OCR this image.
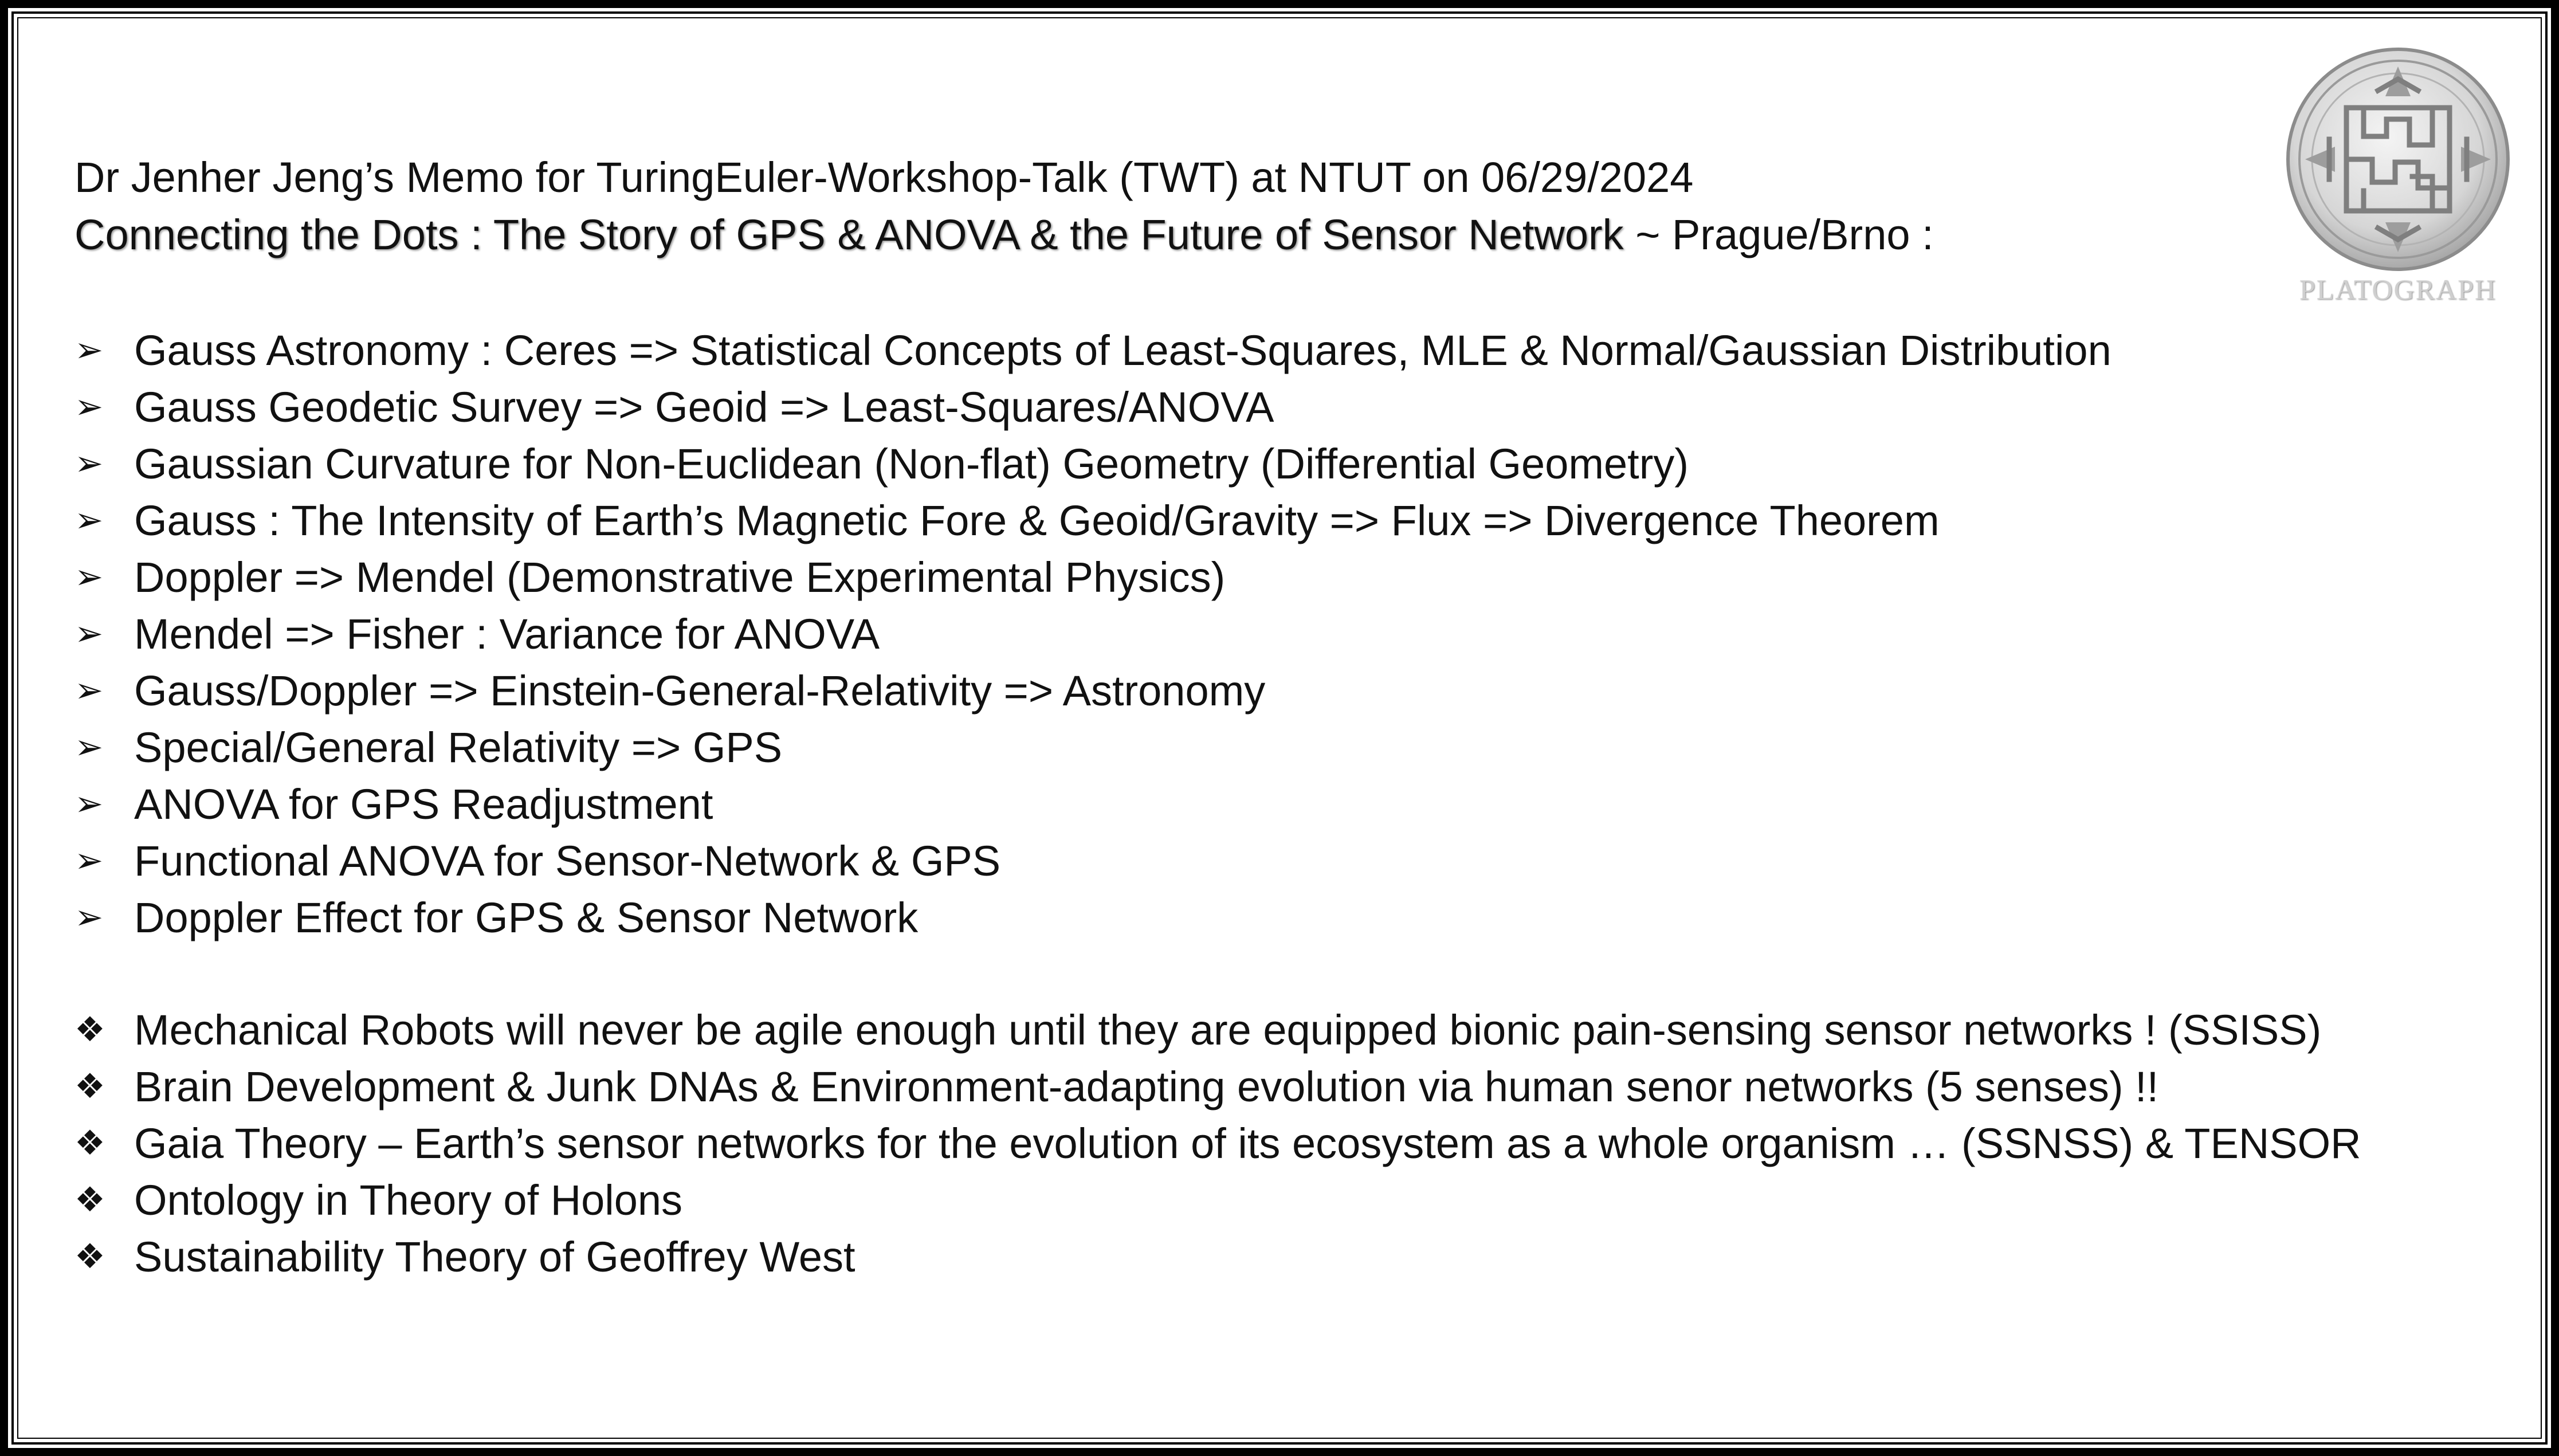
Dr Jenher Jeng’s Memo for TuringEuler-Workshop-Talk (TWT) at NTUT on 06/29/2024
Connecting the Dots : The Story of GPS & ANOVA & the Future of Sensor Network ~ Prague/Brno :
➢ Gauss Astronomy : Ceres => Statistical Concepts of Least-Squares, MLE & Normal/Gaussian Distribution
➢ Gauss Geodetic Survey => Geoid => Least-Squares/ANOVA
➢ Gaussian Curvature for Non-Euclidean (Non-flat) Geometry (Differential Geometry)
➢ Gauss : The Intensity of Earth’s Magnetic Fore & Geoid/Gravity => Flux => Divergence Theorem
➢ Doppler => Mendel (Demonstrative Experimental Physics)
➢ Mendel => Fisher : Variance for ANOVA
➢ Gauss/Doppler => Einstein-General-Relativity => Astronomy
➢ Special/General Relativity => GPS
➢ ANOVA for GPS Readjustment
➢ Functional ANOVA for Sensor-Network & GPS
➢ Doppler Effect for GPS & Sensor Network
❖ Mechanical Robots will never be agile enough until they are equipped bionic pain-sensing sensor networks ! (SSISS)
❖ Brain Development & Junk DNAs & Environment-adapting evolution via human senor networks (5 senses) !!
❖ Gaia Theory – Earth’s sensor networks for the evolution of its ecosystem as a whole organism … (SSNSS) & TENSOR
❖ Ontology in Theory of Holons
❖ Sustainability Theory of Geoffrey West
PLATOGRAPH
